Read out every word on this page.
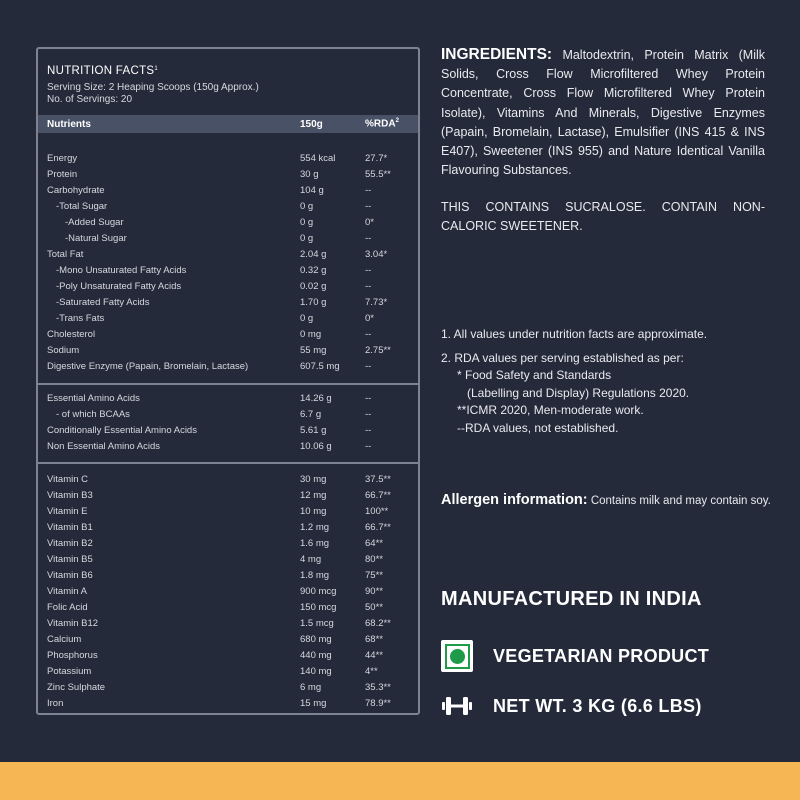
NUTRITION FACTS$^1$
Serving Size: 2 Heaping Scoops (150g Approx.)
No. of Servings: 20
Nutrients	150g	%RDA$^2$
Energy	554 kcal	27.7*
Protein	30 g	55.5**
Carbohydrate	104 g	--
-Total Sugar	0 g	--
-Added Sugar	0 g	0*
-Natural Sugar	0 g	--
Total Fat	2.04 g	3.04*
-Mono Unsaturated Fatty Acids	0.32 g	--
-Poly Unsaturated Fatty Acids	0.02 g	--
-Saturated Fatty Acids	1.70 g	7.73*
-Trans Fats	0 g	0*
Cholesterol	0 mg	--
Sodium	55 mg	2.75**
Digestive Enzyme (Papain, Bromelain, Lactase)	607.5 mg	--
Essential Amino Acids	14.26 g	--
- of which BCAAs	6.7 g	--
Conditionally Essential Amino Acids	5.61 g	--
Non Essential Amino Acids	10.06 g	--
Vitamin C	30 mg	37.5**
Vitamin B3	12 mg	66.7**
Vitamin E	10 mg	100**
Vitamin B1	1.2 mg	66.7**
Vitamin B2	1.6 mg	64**
Vitamin B5	4 mg	80**
Vitamin B6	1.8 mg	75**
Vitamin A	900 mcg	90**
Folic Acid	150 mcg	50**
Vitamin B12	1.5 mcg	68.2**
Calcium	680 mg	68**
Phosphorus	440 mg	44**
Potassium	140 mg	4**
Zinc Sulphate	6 mg	35.3**
Iron	15 mg	78.9**
INGREDIENTS: Maltodextrin, Protein Matrix (Milk Solids, Cross Flow Microfiltered Whey Protein Concentrate, Cross Flow Microfiltered Whey Protein Isolate), Vitamins And Minerals, Digestive Enzymes (Papain, Bromelain, Lactase), Emulsifier (INS 415 & INS E407), Sweetener (INS 955) and Nature Identical Vanilla Flavouring Substances.
THIS CONTAINS SUCRALOSE. CONTAIN NON-CALORIC SWEETENER.
1. All values under nutrition facts are approximate.
2. RDA values per serving established as per:
* Food Safety and Standards
(Labelling and Display) Regulations 2020.
**ICMR 2020, Men-moderate work.
--RDA values, not established.
Allergen information: Contains milk and may contain soy.
MANUFACTURED IN INDIA
VEGETARIAN PRODUCT
NET WT. 3 KG (6.6 LBS)
